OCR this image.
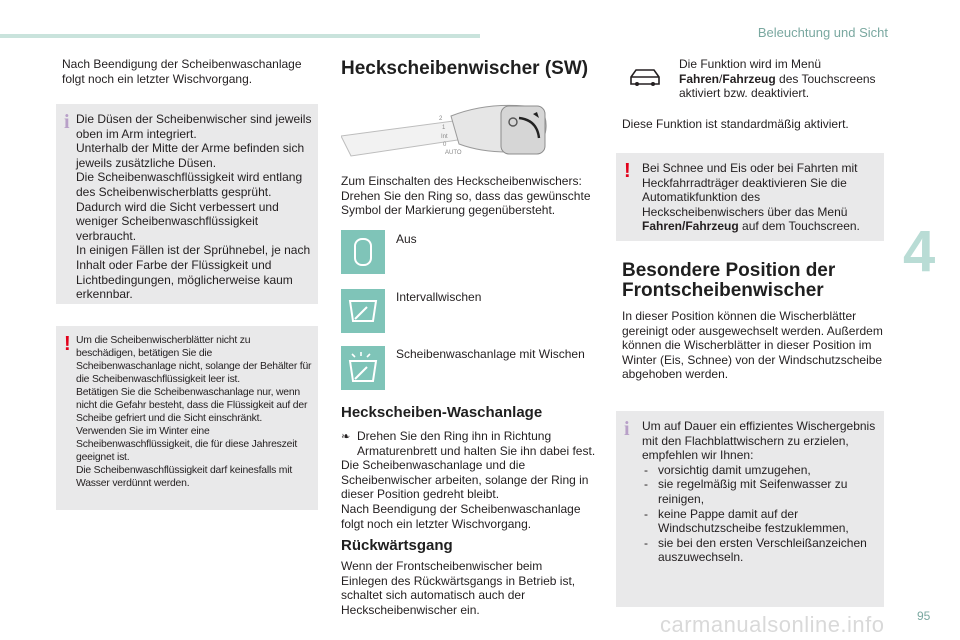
Beleuchtung und Sicht
4
95
carmanualsonline.info

Nach Beendigung der Scheibenwaschanlage folgt noch ein letzter Wischvorgang.

i Die Düsen der Scheibenwischer sind jeweils oben im Arm integriert.

Unterhalb der Mitte der Arme befinden sich jeweils zusätzliche Düsen.

Die Scheibenwaschflüssigkeit wird entlang des Scheibenwischerblatts gesprüht. Dadurch wird die Sicht verbessert und weniger Scheibenwaschflüssigkeit verbraucht.

In einigen Fällen ist der Sprühnebel, je nach Inhalt oder Farbe der Flüssigkeit und Lichtbedingungen, möglicherweise kaum erkennbar.

! Um die Scheibenwischerblätter nicht zu beschädigen, betätigen Sie die Scheibenwaschanlage nicht, solange der Behälter für die Scheibenwaschflüssigkeit leer ist.

Betätigen Sie die Scheibenwaschanlage nur, wenn nicht die Gefahr besteht, dass die Flüssigkeit auf der Scheibe gefriert und die Sicht einschränkt. Verwenden Sie im Winter eine Scheibenwaschflüssigkeit, die für diese Jahreszeit geeignet ist.

Die Scheibenwaschflüssigkeit darf keinesfalls mit Wasser verdünnt werden.

Heckscheibenwischer (SW)
2
1
Int
0
AUTO

Zum Einschalten des Heckscheibenwischers: Drehen Sie den Ring so, dass das gewünschte Symbol der Markierung gegenübersteht.

Aus

Intervallwischen

Scheibenwaschanlage mit Wischen

Heckscheiben-Waschanlage
❧ Drehen Sie den Ring ihn in Richtung Armaturenbrett und halten Sie ihn dabei fest.

Die Scheibenwaschanlage und die Scheibenwischer arbeiten, solange der Ring in dieser Position gedreht bleibt.

Nach Beendigung der Scheibenwaschanlage folgt noch ein letzter Wischvorgang.

Rückwärtsgang

Wenn der Frontscheibenwischer beim Einlegen des Rückwärtsgangs in Betrieb ist, schaltet sich automatisch auch der Heckscheibenwischer ein.

Die Funktion wird im Menü Fahren/Fahrzeug des Touchscreens aktiviert bzw. deaktiviert.

Diese Funktion ist standardmäßig aktiviert.

! Bei Schnee und Eis oder bei Fahrten mit Heckfahrradträger deaktivieren Sie die Automatikfunktion des Heckscheibenwischers über das Menü Fahren/Fahrzeug auf dem Touchscreen.

Besondere Position der
Frontscheibenwischer

In dieser Position können die Wischerblätter gereinigt oder ausgewechselt werden. Außerdem können die Wischerblätter in dieser Position im Winter (Eis, Schnee) von der Windschutzscheibe abgehoben werden.

i Um auf Dauer ein effizientes Wischergebnis mit den Flachblattwischern zu erzielen, empfehlen wir Ihnen:

- vorsichtig damit umzugehen,
- sie regelmäßig mit Seifenwasser zu reinigen,
- keine Pappe damit auf der Windschutzscheibe festzuklemmen,
- sie bei den ersten Verschleißanzeichen auszuwechseln.
